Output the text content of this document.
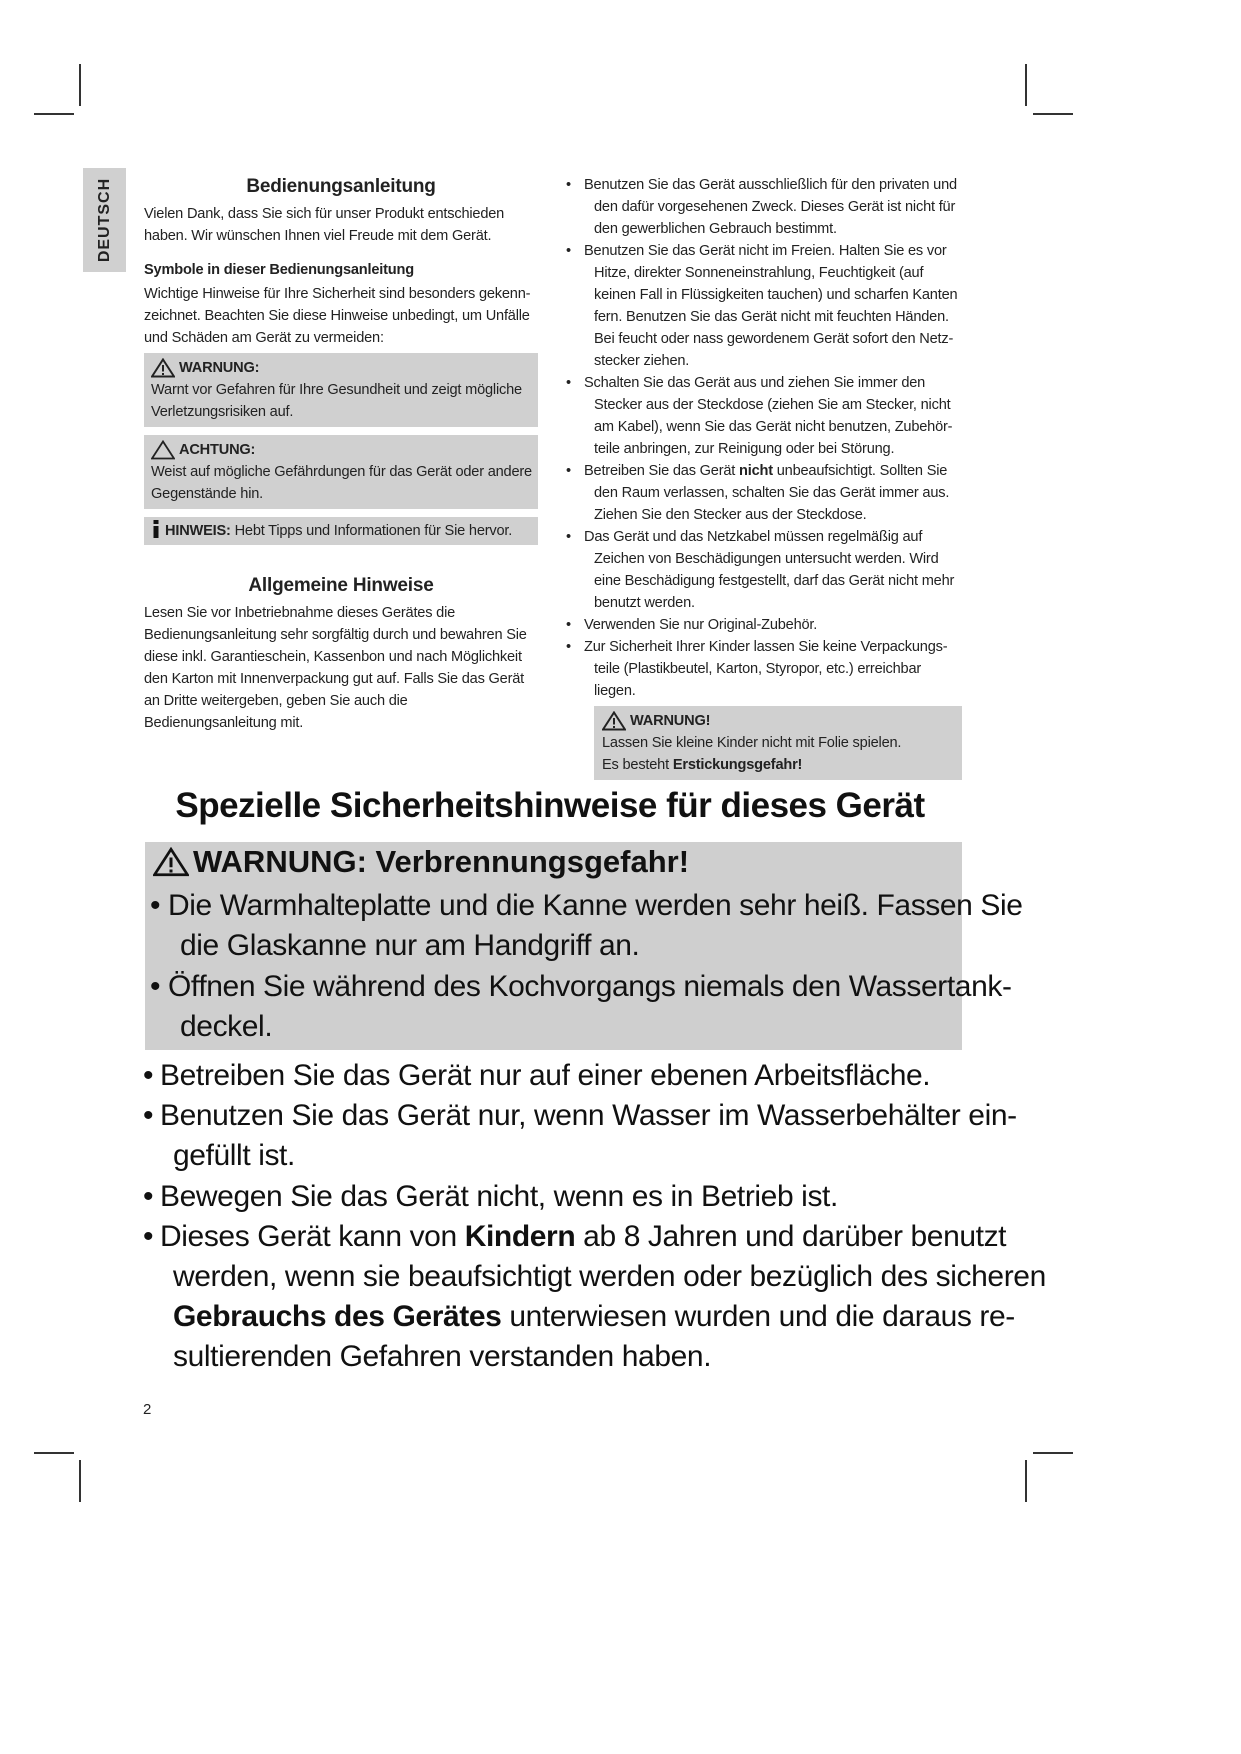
DEUTSCH	Bedienungsanleitung

Vielen Dank, dass Sie sich für unser Produkt entschieden haben. Wir wünschen Ihnen viel Freude mit dem Gerät.

Symbole in dieser Bedienungsanleitung

Wichtige Hinweise für Ihre Sicherheit sind besonders gekennzeichnet. Beachten Sie diese Hinweise unbedingt, um Unfälle und Schäden am Gerät zu vermeiden:

WARNUNG:

Warnt vor Gefahren für Ihre Gesundheit und zeigt mögliche Verletzungsrisiken auf.

ACHTUNG:

Weist auf mögliche Gefährdungen für das Gerät oder andere Gegenstände hin.

HINWEIS: Hebt Tipps und Informationen für Sie hervor.
Allgemeine Hinweise

Lesen Sie vor Inbetriebnahme dieses Gerätes die Bedienungsanleitung sehr sorgfältig durch und bewahren Sie diese inkl. Garantieschein, Kassenbon und nach Möglichkeit den Karton mit Innenverpackung gut auf. Falls Sie das Gerät an Dritte weitergeben, geben Sie auch die Bedienungsanleitung mit.

• Benutzen Sie das Gerät ausschließlich für den privaten und den dafür vorgesehenen Zweck. Dieses Gerät ist nicht für den gewerblichen Gebrauch bestimmt.
• Benutzen Sie das Gerät nicht im Freien. Halten Sie es vor Hitze, direkter Sonneneinstrahlung, Feuchtigkeit (auf keinen Fall in Flüssigkeiten tauchen) und scharfen Kanten fern. Benutzen Sie das Gerät nicht mit feuchten Händen. Bei feucht oder nass gewordenem Gerät sofort den Netzstecker ziehen.
• Schalten Sie das Gerät aus und ziehen Sie immer den Stecker aus der Steckdose (ziehen Sie am Stecker, nicht am Kabel), wenn Sie das Gerät nicht benutzen, Zubehörteile anbringen, zur Reinigung oder bei Störung.
• Betreiben Sie das Gerät nicht unbeaufsichtigt. Sollten Sie den Raum verlassen, schalten Sie das Gerät immer aus. Ziehen Sie den Stecker aus der Steckdose.
• Das Gerät und das Netzkabel müssen regelmäßig auf Zeichen von Beschädigungen untersucht werden. Wird eine Beschädigung festgestellt, darf das Gerät nicht mehr benutzt werden.
• Verwenden Sie nur Original-Zubehör.
• Zur Sicherheit Ihrer Kinder lassen Sie keine Verpackungsteile (Plastikbeutel, Karton, Styropor, etc.) erreichbar liegen.
WARNUNG!

Lassen Sie kleine Kinder nicht mit Folie spielen.

Es besteht Erstickungsgefahr!

Spezielle Sicherheitshinweise für dieses Gerät
WARNUNG: Verbrennungsgefahr!
• Die Warmhalteplatte und die Kanne werden sehr heiß. Fassen Sie
die Glaskanne nur am Handgriff an.
• Öffnen Sie während des Kochvorgangs niemals den Wassertank-
deckel.
• Betreiben Sie das Gerät nur auf einer ebenen Arbeitsfläche.
• Benutzen Sie das Gerät nur, wenn Wasser im Wasserbehälter ein-
gefüllt ist.
• Bewegen Sie das Gerät nicht, wenn es in Betrieb ist.
• Dieses Gerät kann von Kindern ab 8 Jahren und darüber benutzt
werden, wenn sie beaufsichtigt werden oder bezüglich des sicheren
Gebrauchs des Gerätes unterwiesen wurden und die daraus re-
sultierenden Gefahren verstanden haben.
2
